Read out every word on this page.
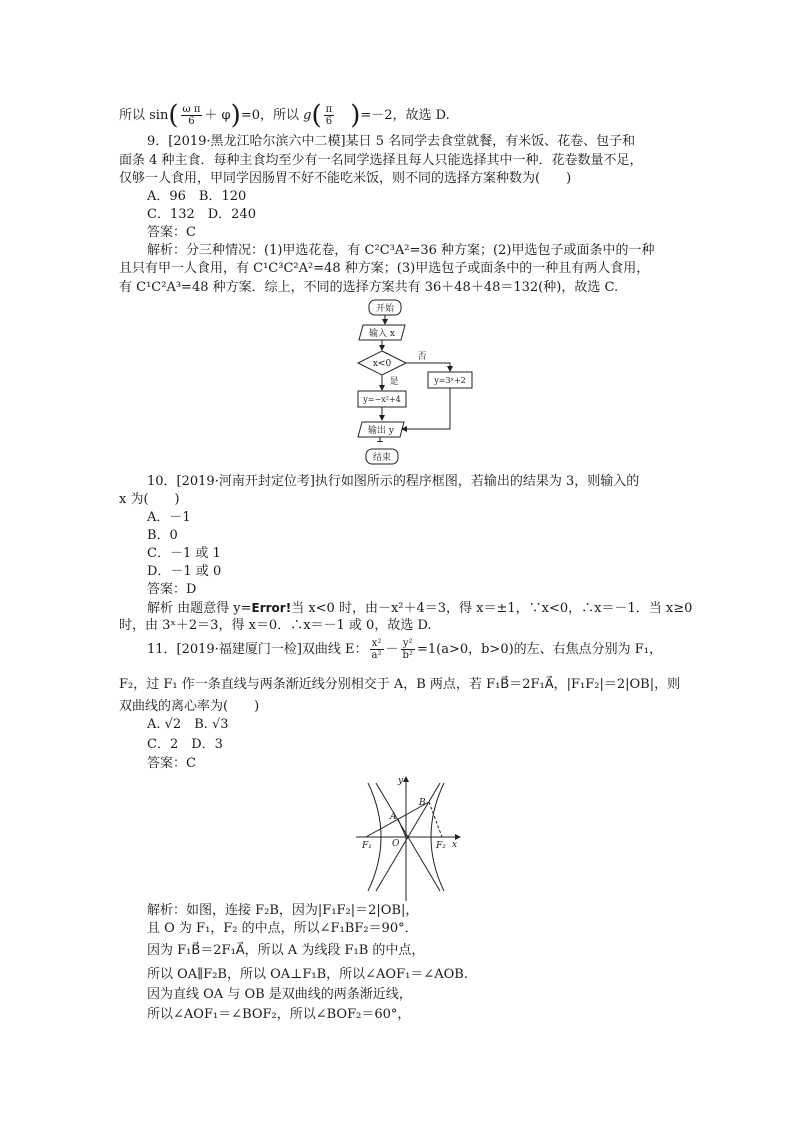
所以 $\sin( \frac{\text{ω π}}{6} + \varphi)=0$，所以 $g( \frac{\pi}{6} )=-2$，故选 D.
9．[2019·黑龙江哈尔滨六中二模]某日 5 名同学去食堂就餐，有米饭、花卷、包子和
面条 4 种主食．每种主食均至少有一名同学选择且每人只能选择其中一种．花卷数量不足，
仅够一人食用，甲同学因肠胃不好不能吃米饭，则不同的选择方案种数为(　　)
A．96　B．120
C．132　D．240
答案：C
解析：分三种情况：(1)甲选花卷，有 C²C³A²=36 种方案；(2)甲选包子或面条中的一种
且只有甲一人食用，有 C¹C³C²A²=48 种方案；(3)甲选包子或面条中的一种且有两人食用，
有 C¹C²A³=48 种方案．综上，不同的选择方案共有 36＋48＋48＝132(种)，故选 C.
开始
输入 x
x<0
否
是	y=3ˣ+2
y=−x²+4
输出 y
结束
10．[2019·河南开封定位考]执行如图所示的程序框图，若输出的结果为 3，则输入的
x 为(　　)
A．－1
B．0
C．－1 或 1
D．－1 或 0
答案：D
解析 由题意得 y=Error!当 x<0 时，由－x²＋4＝3，得 x＝±1，∵x<0，∴x＝－1．当 x≥0
时，由 3ˣ＋2＝3，得 x＝0．∴x＝－1 或 0，故选 D.
11．[2019·福建厦门一检]双曲线 E： $\frac{\text{x²}}{\text{a²}} - \frac{\text{y²}}{\text{b²}} =1(a>0$，b>0)的左、右焦点分别为 F₁，
F₂，过 F₁ 作一条直线与两条渐近线分别相交于 A，B 两点，若 F₁B⃗＝2F₁A⃗，|F₁F₂|＝2|OB|，则
双曲线的离心率为(　　)
A. √2　B. √3
C．2　D．3
答案：C
y
x
O
A
B
F₁	F₂
解析：如图，连接 F₂B，因为|F₁F₂|＝2|OB|，
且 O 为 F₁，F₂ 的中点，所以∠F₁BF₂＝90°．
因为 F₁B⃗＝2F₁A⃗，所以 A 为线段 F₁B 的中点，
所以 OA∥F₂B，所以 OA⊥F₁B，所以∠AOF₁＝∠AOB.
因为直线 OA 与 OB 是双曲线的两条渐近线，
所以∠AOF₁＝∠BOF₂，所以∠BOF₂＝60°，
